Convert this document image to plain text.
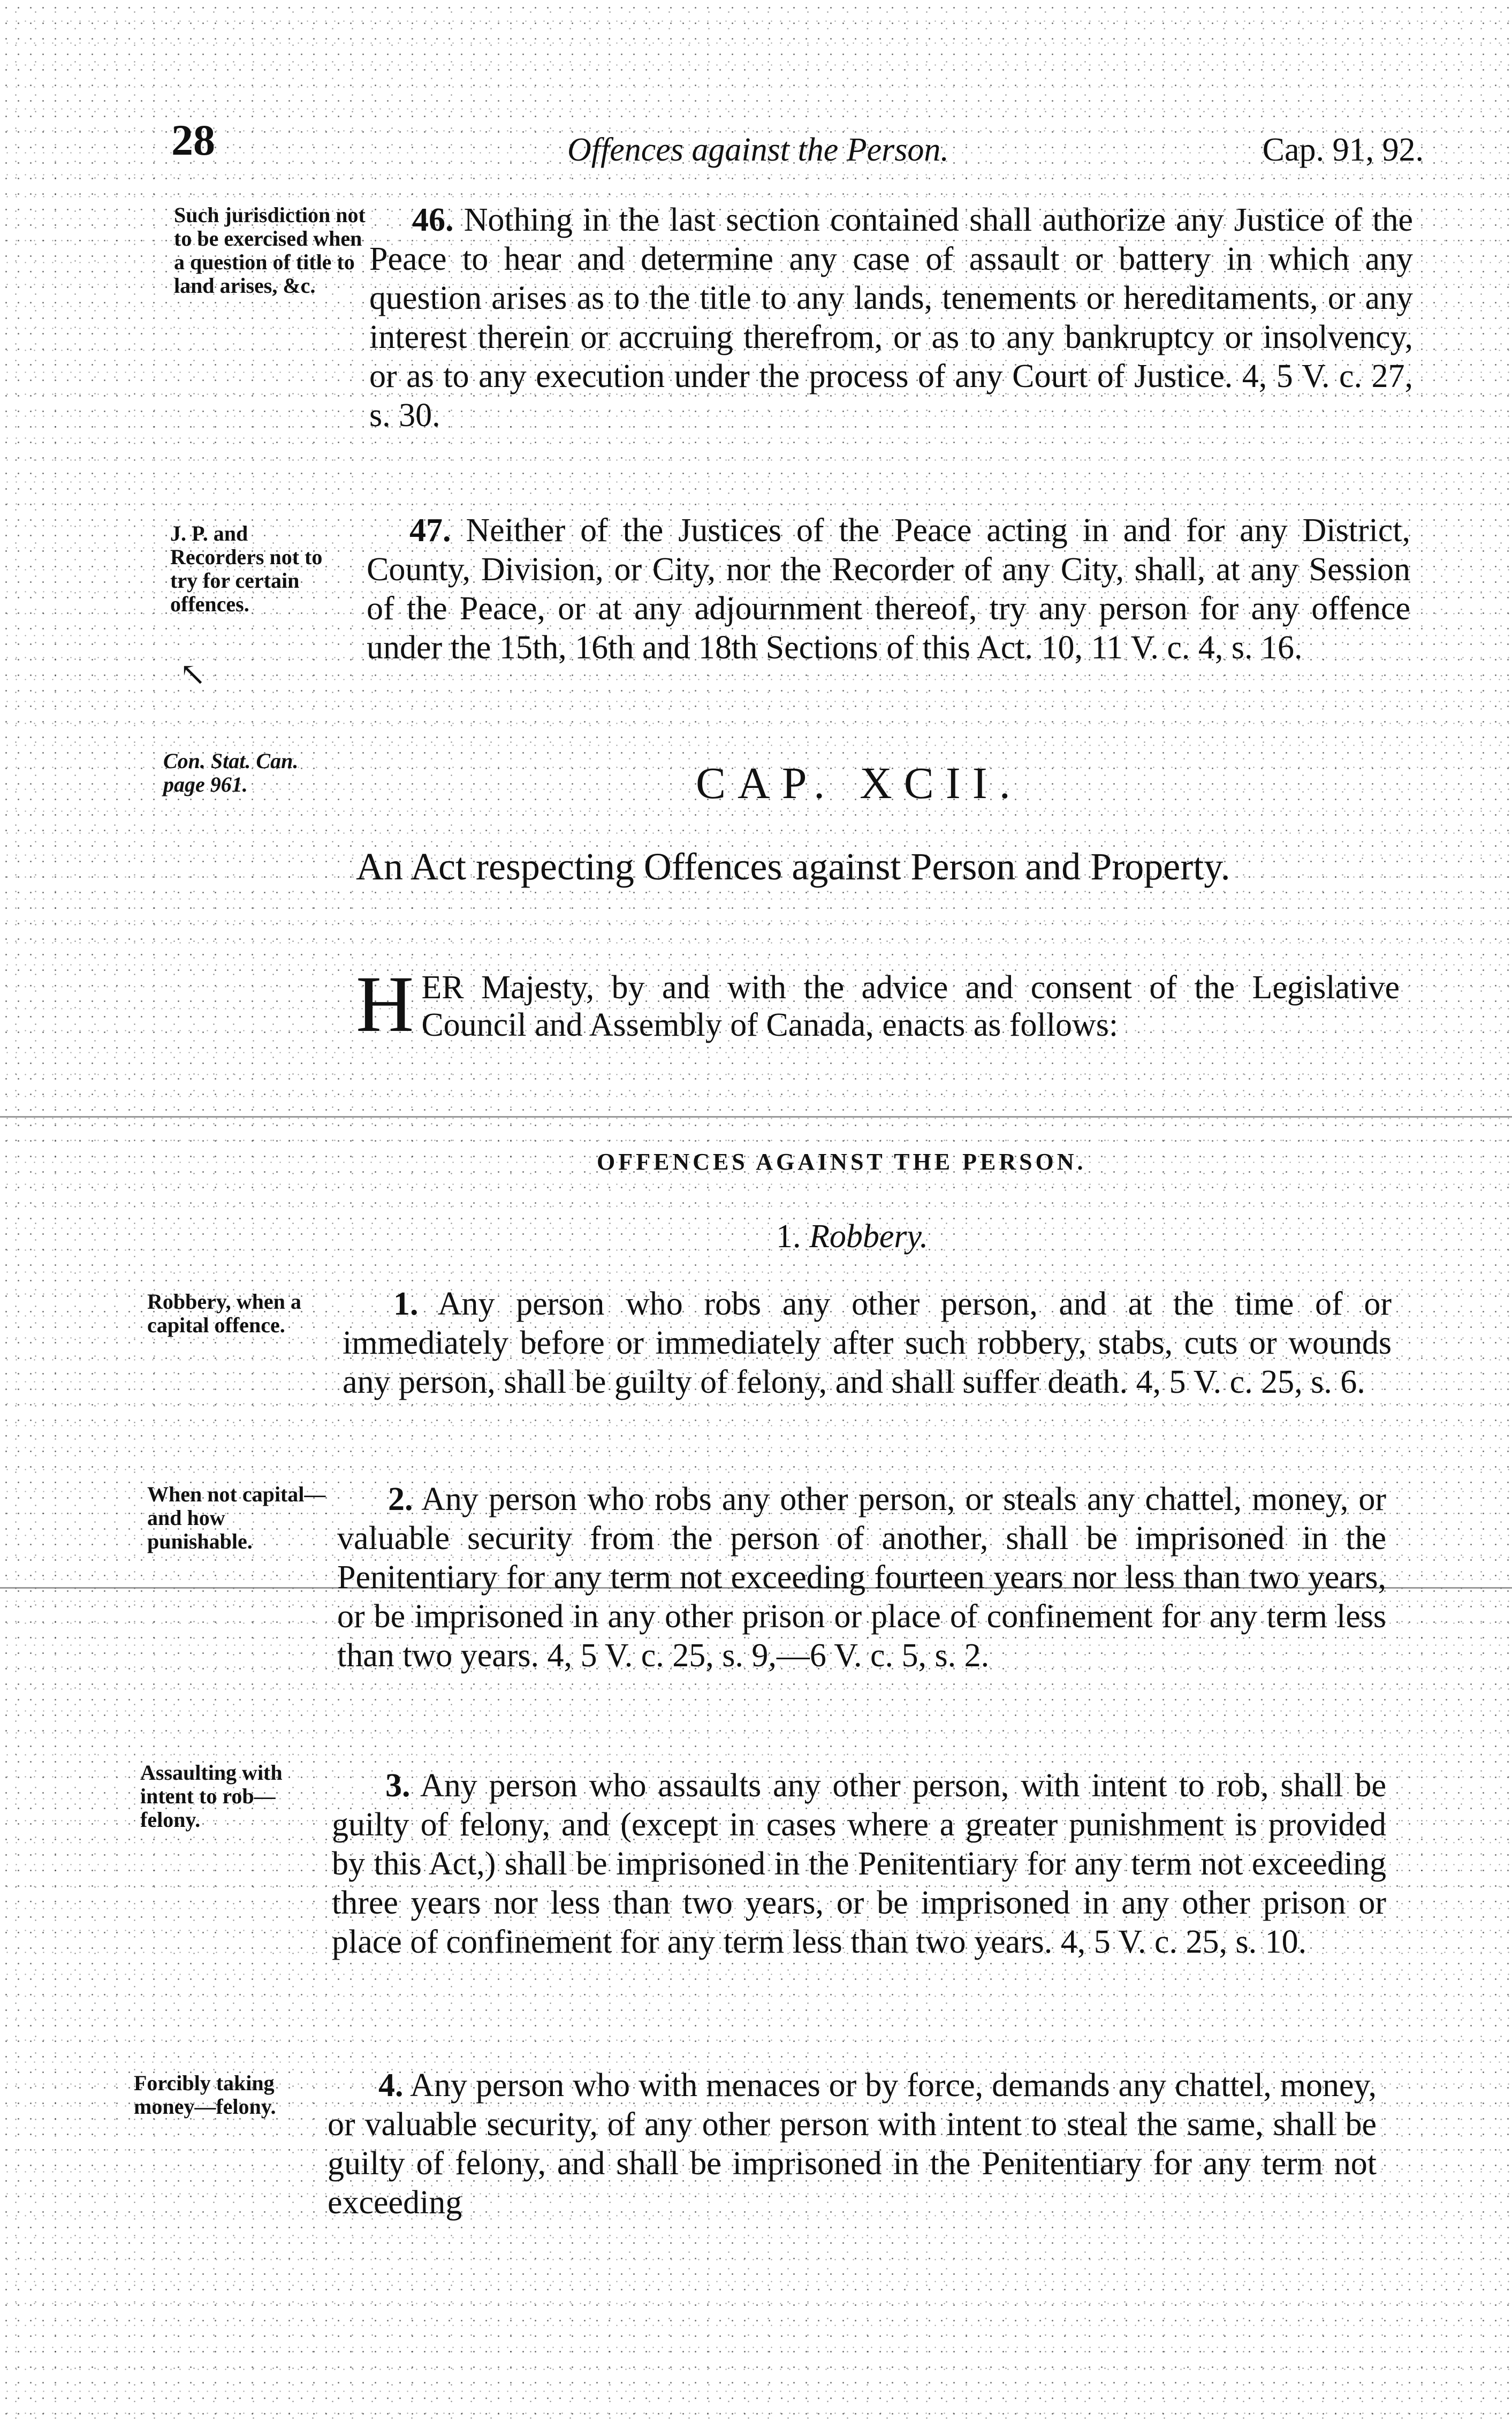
28	Offences against the Person.	Cap. 91, 92.
Such jurisdiction not to be exercised when a question of title to land arises, &c.
46. Nothing in the last section contained shall authorize any Justice of the Peace to hear and determine any case of assault or battery in which any question arises as to the title to any lands, tenements or hereditaments, or any interest therein or accruing therefrom, or as to any bankruptcy or insolvency, or as to any execution under the process of any Court of Justice. 4, 5 V. c. 27, s. 30.
J. P. and Recorders not to try for certain offences.
47. Neither of the Justices of the Peace acting in and for any District, County, Division, or City, nor the Recorder of any City, shall, at any Session of the Peace, or at any adjournment thereof, try any person for any offence under the 15th, 16th and 18th Sections of this Act. 10, 11 V. c. 4, s. 16.
↖
Con. Stat. Can. page 961.	CAP. XCII.
An Act respecting Offences against Person and Property.
H ER Majesty, by and with the advice and consent of the Legislative Council and Assembly of Canada, enacts as follows:
OFFENCES AGAINST THE PERSON.
1. Robbery.
Robbery, when a capital offence.
1. Any person who robs any other person, and at the time of or immediately before or immediately after such robbery, stabs, cuts or wounds any person, shall be guilty of felony, and shall suffer death. 4, 5 V. c. 25, s. 6.
When not capital—and how punishable.
2. Any person who robs any other person, or steals any chattel, money, or valuable security from the person of another, shall be imprisoned in the Penitentiary for any term not exceeding fourteen years nor less than two years, or be imprisoned in any other prison or place of confinement for any term less than two years. 4, 5 V. c. 25, s. 9,—6 V. c. 5, s. 2.
Assaulting with intent to rob—felony.
3. Any person who assaults any other person, with intent to rob, shall be guilty of felony, and (except in cases where a greater punishment is provided by this Act,) shall be imprisoned in the Penitentiary for any term not exceeding three years nor less than two years, or be imprisoned in any other prison or place of confinement for any term less than two years. 4, 5 V. c. 25, s. 10.
Forcibly taking money—felony.
4. Any person who with menaces or by force, demands any chattel, money, or valuable security, of any other person with intent to steal the same, shall be guilty of felony, and shall be imprisoned in the Penitentiary for any term not exceeding
